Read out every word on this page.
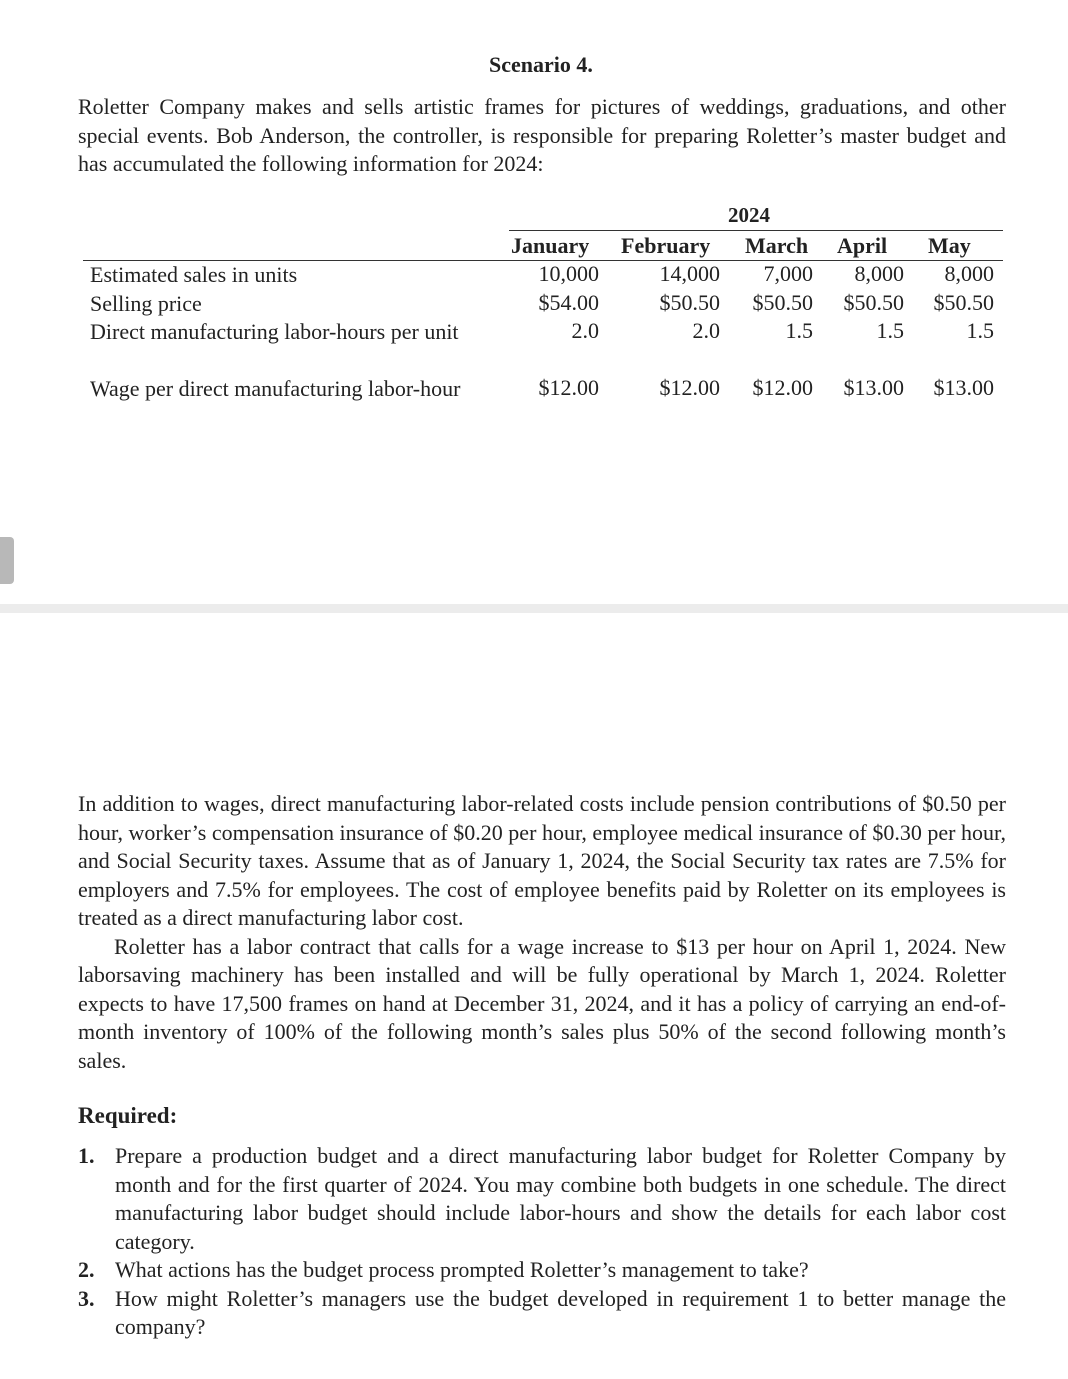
Scenario 4.

Roletter Company makes and sells artistic frames for pictures of weddings, graduations, and other special events. Bob Anderson, the controller, is responsible for preparing Roletter’s master budget and has accumulated the following information for 2024:

2024
January February March April May
Estimated sales in units	10,000	14,000	7,000	8,000	8,000
Selling price	$54.00	$50.50	$50.50	$50.50	$50.50
Direct manufacturing labor-hours per unit	2.0	2.0	1.5	1.5	1.5
Wage per direct manufacturing labor-hour	$12.00	$12.00	$12.00	$13.00	$13.00

In addition to wages, direct manufacturing labor-related costs include pension contributions of $0.50 per hour, worker’s compensation insurance of $0.20 per hour, employee medical insurance of $0.30 per hour, and Social Security taxes. Assume that as of January 1, 2024, the Social Security tax rates are 7.5% for employers and 7.5% for employees. The cost of employee benefits paid by Roletter on its employees is treated as a direct manufacturing labor cost.

Roletter has a labor contract that calls for a wage increase to $13 per hour on April 1, 2024. New laborsaving machinery has been installed and will be fully operational by March 1, 2024. Roletter expects to have 17,500 frames on hand at December 31, 2024, and it has a policy of carrying an end-of-month inventory of 100% of the following month’s sales plus 50% of the second following month’s sales.

Required:
1. Prepare a production budget and a direct manufacturing labor budget for Roletter Company by month and for the first quarter of 2024. You may combine both budgets in one schedule. The direct manufacturing labor budget should include labor-hours and show the details for each labor cost category.
2. What actions has the budget process prompted Roletter’s management to take?
3. How might Roletter’s managers use the budget developed in requirement 1 to better manage the company?
